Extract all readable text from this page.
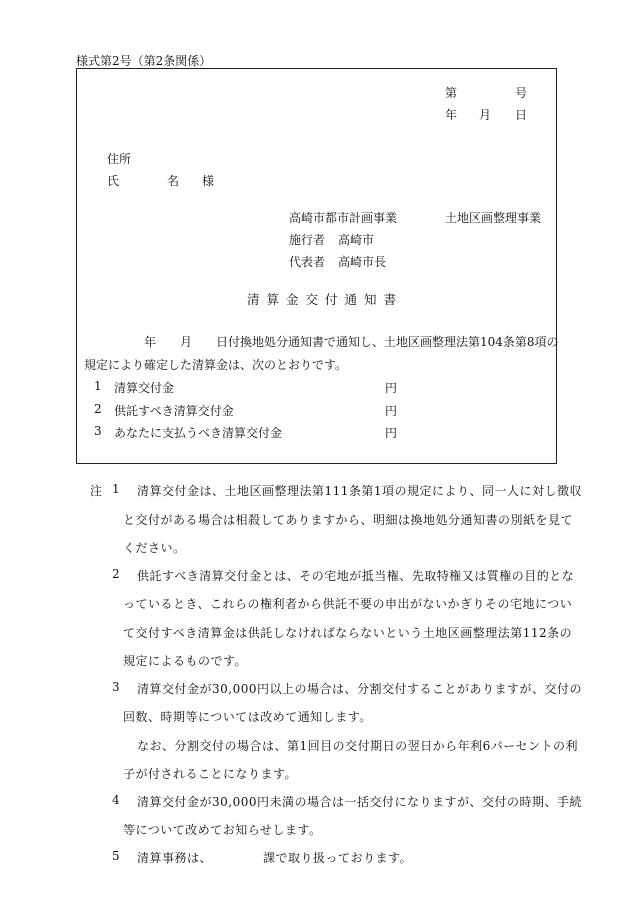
様式第2号（第2条関係）
第	号
年 月 日
住所
氏	名 様
高崎市都市計画事業	土地区画整理事業
施行者 高崎市
代表者 高崎市長
清算金交付通知書
年 月 日付換地処分通知書で通知し、土地区画整理法第104条第8項の
規定により確定した清算金は、次のとおりです。
1 清算交付金	円
2 供託すべき清算交付金	円
3 あなたに支払うべき清算交付金	円
注 1 清算交付金は、土地区画整理法第111条第1項の規定により、同一人に対し徴収
と交付がある場合は相殺してありますから、明細は換地処分通知書の別紙を見て
ください。
2 供託すべき清算交付金とは、その宅地が抵当権、先取特権又は質権の目的とな
っているとき、これらの権利者から供託不要の申出がないかぎりその宅地につい
て交付すべき清算金は供託しなければならないという土地区画整理法第112条の
規定によるものです。
3 清算交付金が30,000円以上の場合は、分割交付することがありますが、交付の
回数、時期等については改めて通知します。
なお、分割交付の場合は、第1回目の交付期日の翌日から年利6パーセントの利
子が付されることになります。
4 清算交付金が30,000円未満の場合は一括交付になりますが、交付の時期、手続
等について改めてお知らせします。
5 清算事務は、	課で取り扱っております。
